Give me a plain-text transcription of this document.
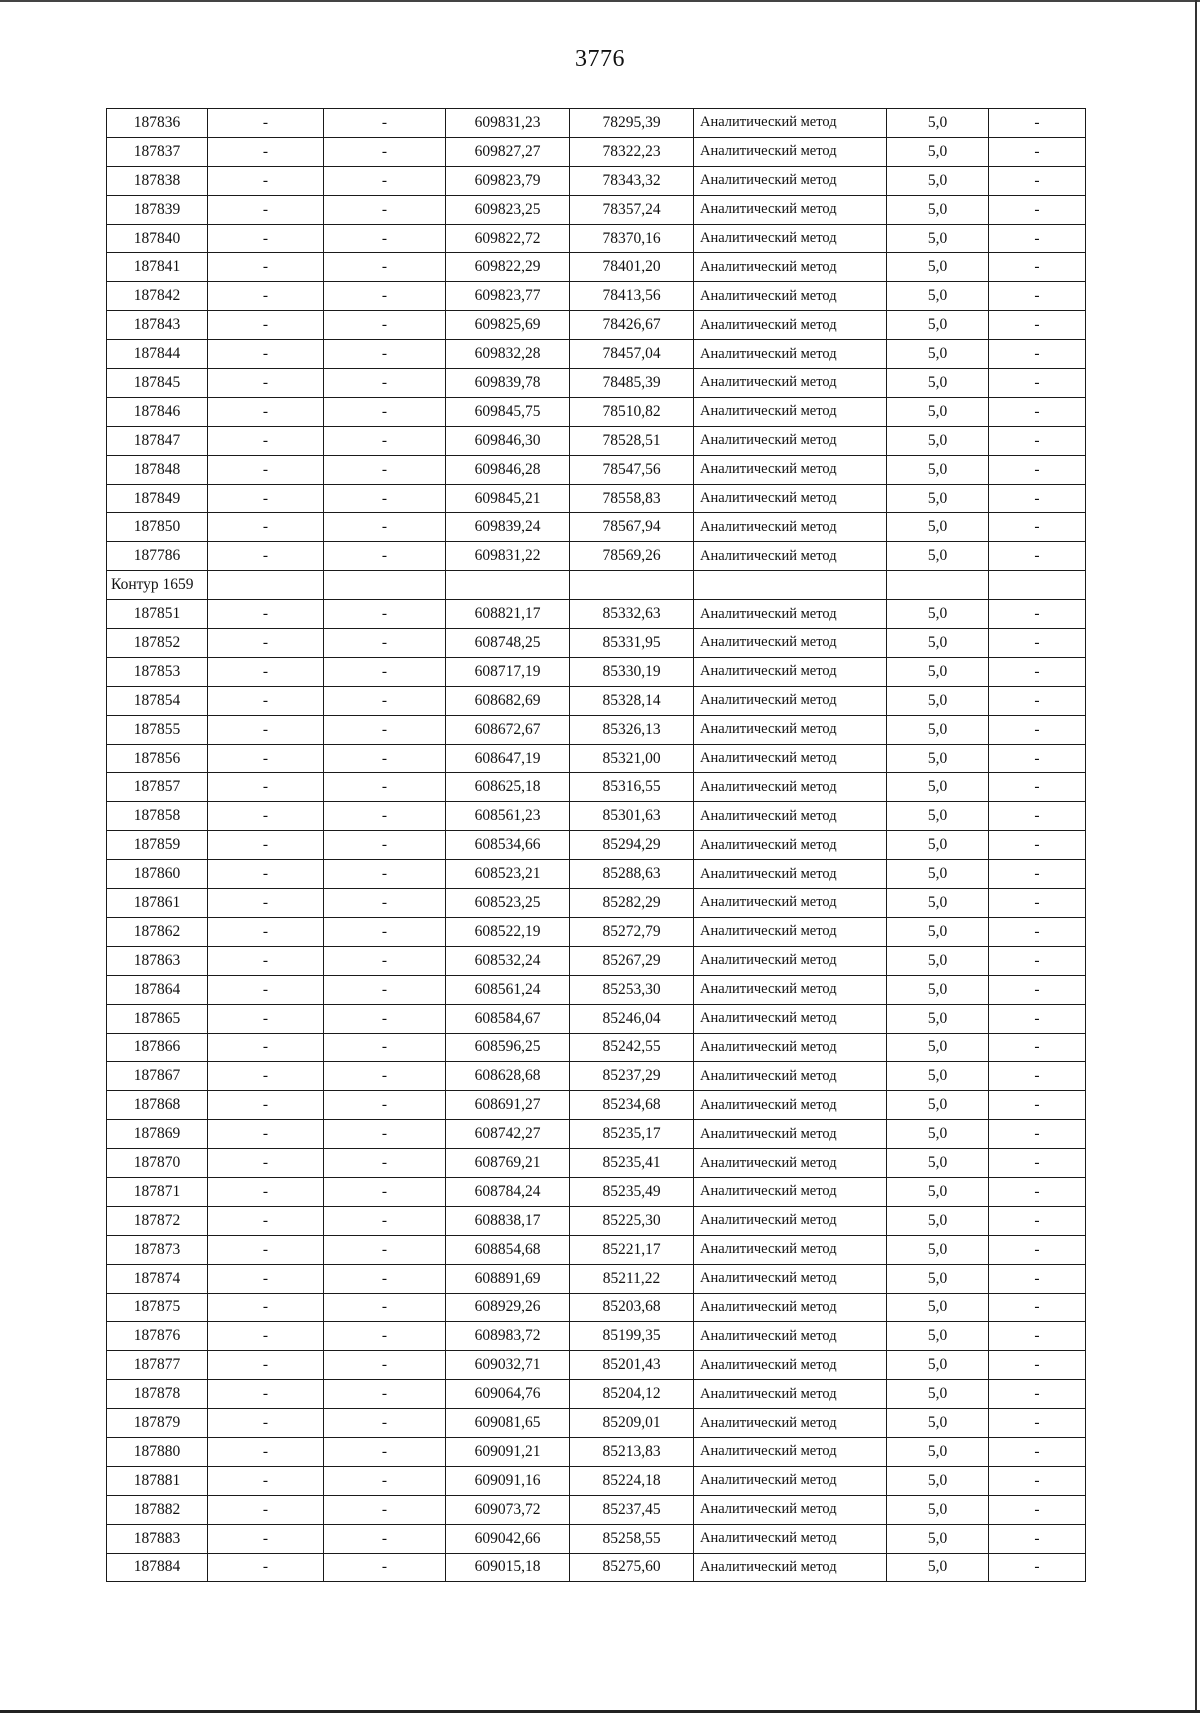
3776
187836	-	-	609831,23	78295,39	Аналитический метод	5,0	-
187837	-	-	609827,27	78322,23	Аналитический метод	5,0	-
187838	-	-	609823,79	78343,32	Аналитический метод	5,0	-
187839	-	-	609823,25	78357,24	Аналитический метод	5,0	-
187840	-	-	609822,72	78370,16	Аналитический метод	5,0	-
187841	-	-	609822,29	78401,20	Аналитический метод	5,0	-
187842	-	-	609823,77	78413,56	Аналитический метод	5,0	-
187843	-	-	609825,69	78426,67	Аналитический метод	5,0	-
187844	-	-	609832,28	78457,04	Аналитический метод	5,0	-
187845	-	-	609839,78	78485,39	Аналитический метод	5,0	-
187846	-	-	609845,75	78510,82	Аналитический метод	5,0	-
187847	-	-	609846,30	78528,51	Аналитический метод	5,0	-
187848	-	-	609846,28	78547,56	Аналитический метод	5,0	-
187849	-	-	609845,21	78558,83	Аналитический метод	5,0	-
187850	-	-	609839,24	78567,94	Аналитический метод	5,0	-
187786	-	-	609831,22	78569,26	Аналитический метод	5,0	-
Контур 1659							
187851	-	-	608821,17	85332,63	Аналитический метод	5,0	-
187852	-	-	608748,25	85331,95	Аналитический метод	5,0	-
187853	-	-	608717,19	85330,19	Аналитический метод	5,0	-
187854	-	-	608682,69	85328,14	Аналитический метод	5,0	-
187855	-	-	608672,67	85326,13	Аналитический метод	5,0	-
187856	-	-	608647,19	85321,00	Аналитический метод	5,0	-
187857	-	-	608625,18	85316,55	Аналитический метод	5,0	-
187858	-	-	608561,23	85301,63	Аналитический метод	5,0	-
187859	-	-	608534,66	85294,29	Аналитический метод	5,0	-
187860	-	-	608523,21	85288,63	Аналитический метод	5,0	-
187861	-	-	608523,25	85282,29	Аналитический метод	5,0	-
187862	-	-	608522,19	85272,79	Аналитический метод	5,0	-
187863	-	-	608532,24	85267,29	Аналитический метод	5,0	-
187864	-	-	608561,24	85253,30	Аналитический метод	5,0	-
187865	-	-	608584,67	85246,04	Аналитический метод	5,0	-
187866	-	-	608596,25	85242,55	Аналитический метод	5,0	-
187867	-	-	608628,68	85237,29	Аналитический метод	5,0	-
187868	-	-	608691,27	85234,68	Аналитический метод	5,0	-
187869	-	-	608742,27	85235,17	Аналитический метод	5,0	-
187870	-	-	608769,21	85235,41	Аналитический метод	5,0	-
187871	-	-	608784,24	85235,49	Аналитический метод	5,0	-
187872	-	-	608838,17	85225,30	Аналитический метод	5,0	-
187873	-	-	608854,68	85221,17	Аналитический метод	5,0	-
187874	-	-	608891,69	85211,22	Аналитический метод	5,0	-
187875	-	-	608929,26	85203,68	Аналитический метод	5,0	-
187876	-	-	608983,72	85199,35	Аналитический метод	5,0	-
187877	-	-	609032,71	85201,43	Аналитический метод	5,0	-
187878	-	-	609064,76	85204,12	Аналитический метод	5,0	-
187879	-	-	609081,65	85209,01	Аналитический метод	5,0	-
187880	-	-	609091,21	85213,83	Аналитический метод	5,0	-
187881	-	-	609091,16	85224,18	Аналитический метод	5,0	-
187882	-	-	609073,72	85237,45	Аналитический метод	5,0	-
187883	-	-	609042,66	85258,55	Аналитический метод	5,0	-
187884	-	-	609015,18	85275,60	Аналитический метод	5,0	-
